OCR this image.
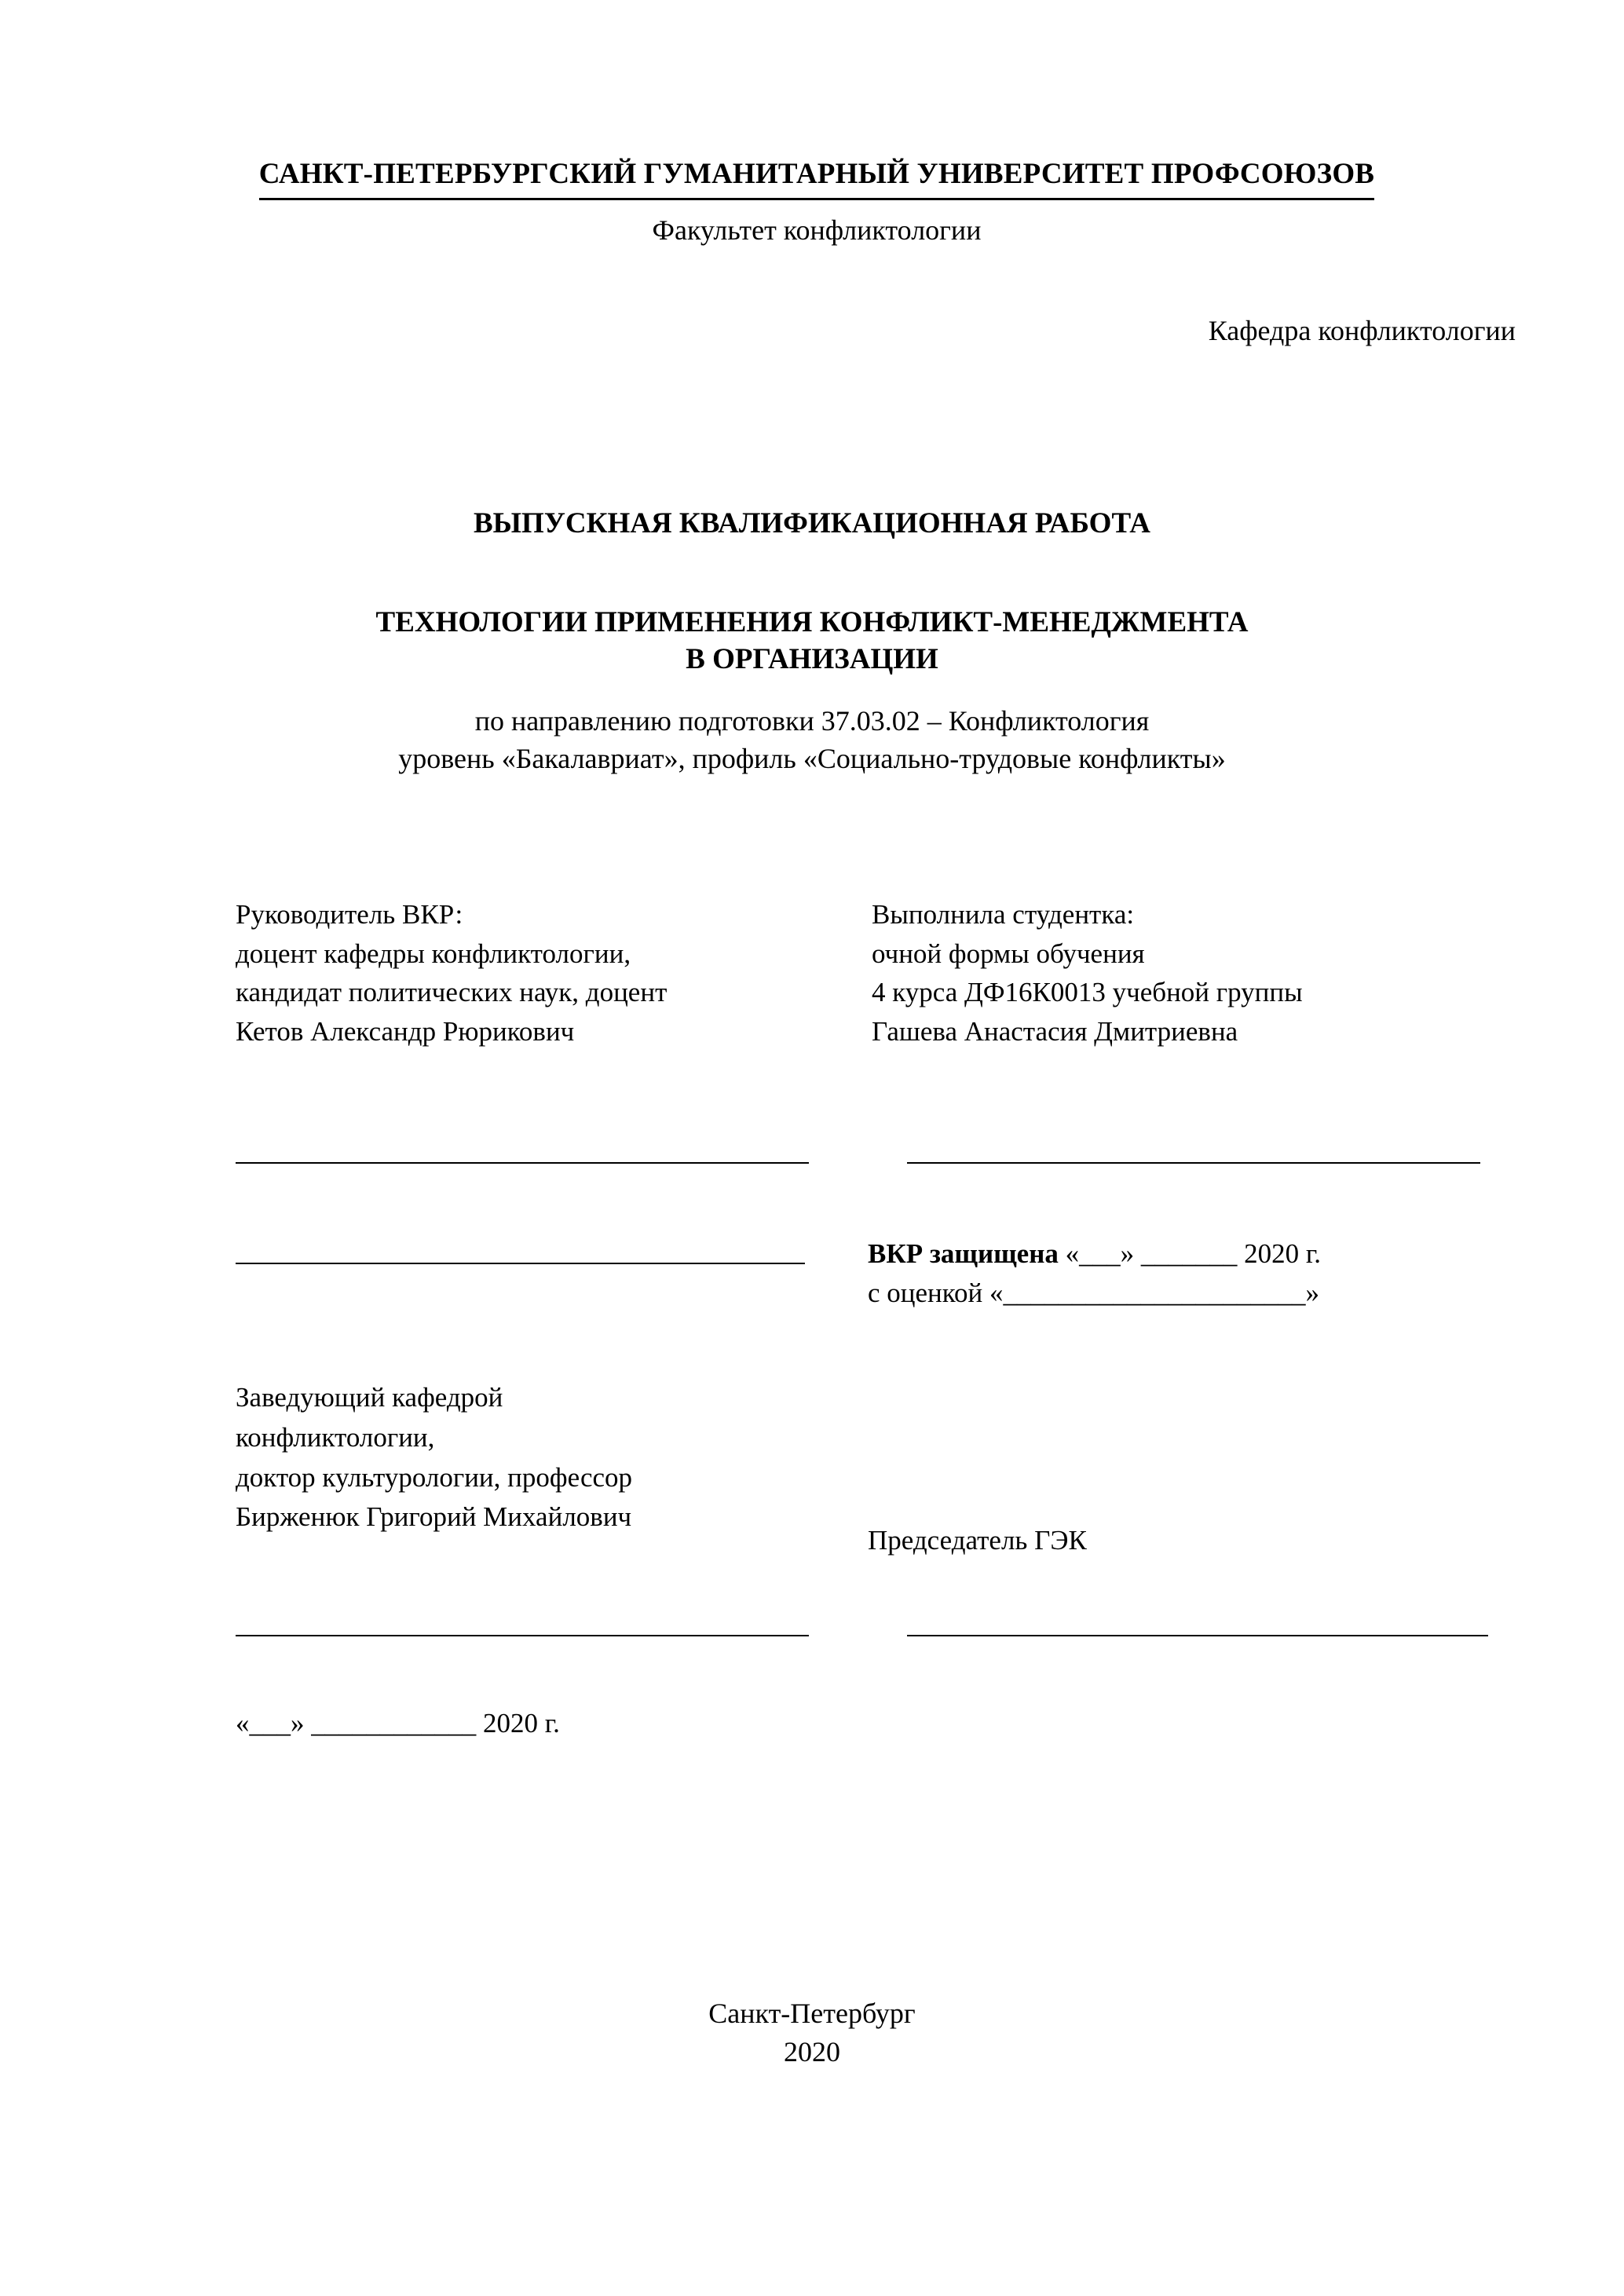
САНКТ-ПЕТЕРБУРГСКИЙ ГУМАНИТАРНЫЙ УНИВЕРСИТЕТ ПРОФСОЮЗОВ
Факультет конфликтологии
Кафедра конфликтологии
ВЫПУСКНАЯ КВАЛИФИКАЦИОННАЯ РАБОТА
ТЕХНОЛОГИИ ПРИМЕНЕНИЯ КОНФЛИКТ-МЕНЕДЖМЕНТА
В ОРГАНИЗАЦИИ
по направлению подготовки 37.03.02 – Конфликтология
уровень «Бакалавриат», профиль «Социально-трудовые конфликты»
Руководитель ВКР:
доцент кафедры конфликтологии,
кандидат политических наук, доцент
Кетов Александр Рюрикович
Выполнила студентка:
очной формы обучения
4 курса ДФ16К0013 учебной группы
Гашева Анастасия Дмитриевна
ВКР защищена «___» _______ 2020 г.
с оценкой «______________________»
Заведующий кафедрой
конфликтологии,
доктор культурологии, профессор
Бирженюк Григорий Михайлович
Председатель ГЭК
«___» ____________ 2020 г.
Санкт-Петербург
2020
